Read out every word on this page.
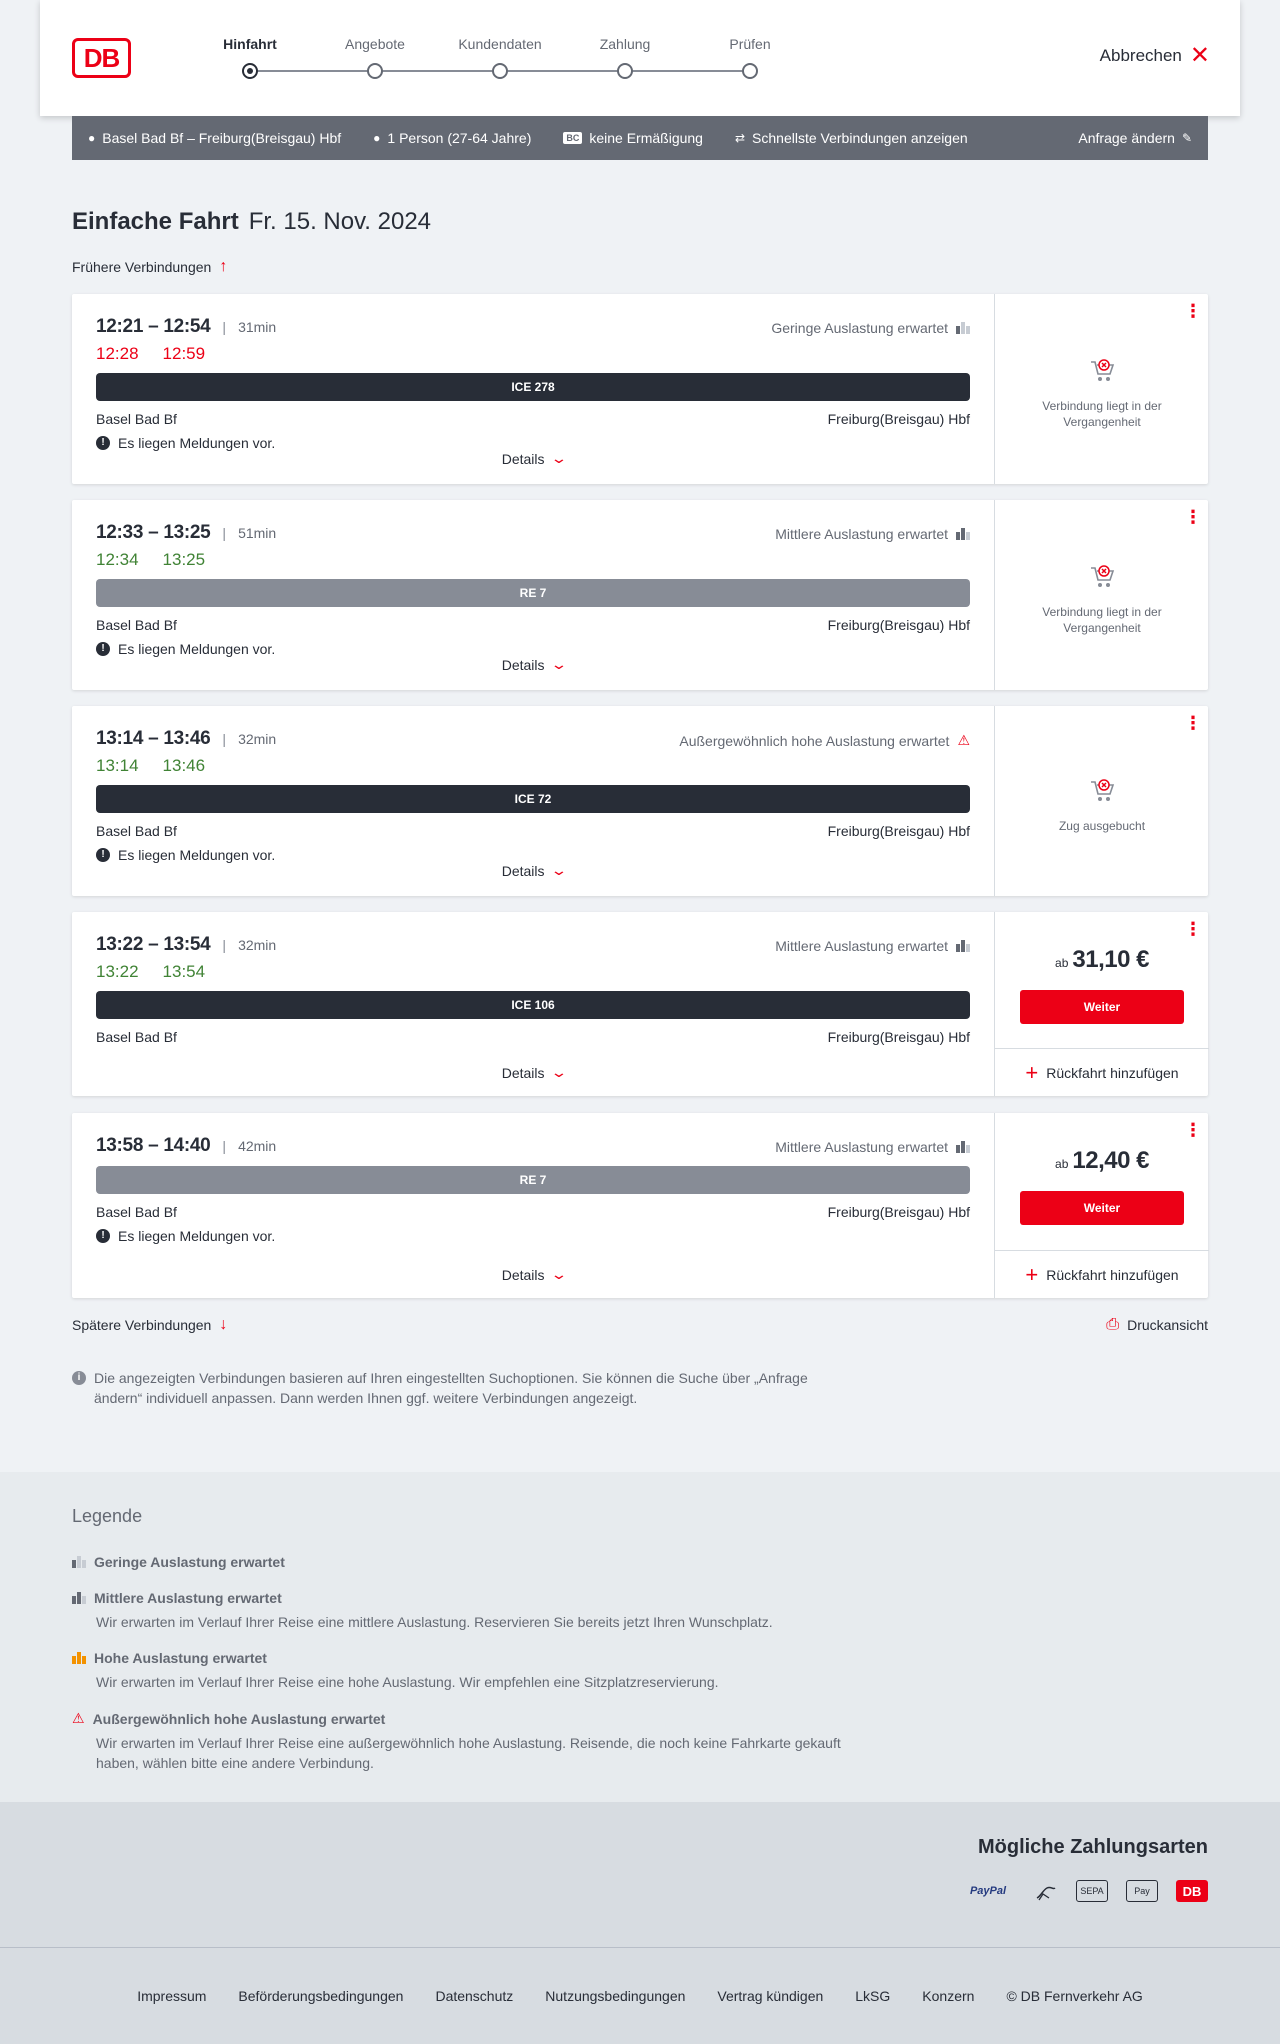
DB	Hinfahrt	Angebote	Kundendaten	Zahlung	Prüfen
Abbrechen ✕
● Basel Bad Bf – Freiburg(Breisgau) Hbf	● 1 Person (27-64 Jahre)	BC keine Ermäßigung	⇄ Schnellste Verbindungen anzeigen	Anfrage ändern ✎
Einfache Fahrt Fr. 15. Nov. 2024
Frühere Verbindungen ↑
12:21 – 12:54 | 31min	Geringe Auslastung erwartet
12:28 12:59
ICE 278
Basel Bad Bf	Freiburg(Breisgau) Hbf
! Es liegen Meldungen vor.
Details ⌄
⋮
Verbindung liegt in der Vergangenheit
12:33 – 13:25 | 51min	Mittlere Auslastung erwartet
12:34 13:25
RE 7
Basel Bad Bf	Freiburg(Breisgau) Hbf
! Es liegen Meldungen vor.
Details ⌄
⋮
Verbindung liegt in der Vergangenheit
13:14 – 13:46 | 32min	Außergewöhnlich hohe Auslastung erwartet ⚠
13:14 13:46
ICE 72
Basel Bad Bf	Freiburg(Breisgau) Hbf
! Es liegen Meldungen vor.
Details ⌄
⋮
Zug ausgebucht
13:22 – 13:54 | 32min	Mittlere Auslastung erwartet
13:22 13:54
ICE 106
Basel Bad Bf	Freiburg(Breisgau) Hbf
Details ⌄
⋮
ab 31,10 €
Weiter
+ Rückfahrt hinzufügen
13:58 – 14:40 | 42min	Mittlere Auslastung erwartet
RE 7
Basel Bad Bf	Freiburg(Breisgau) Hbf
! Es liegen Meldungen vor.
Details ⌄
⋮
ab 12,40 €
Weiter
+ Rückfahrt hinzufügen
Spätere Verbindungen ↓	⎙ Druckansicht
i Die angezeigten Verbindungen basieren auf Ihren eingestellten Suchoptionen. Sie können die Suche über „Anfrage ändern“ individuell anpassen. Dann werden Ihnen ggf. weitere Verbindungen angezeigt.
Legende
Geringe Auslastung erwartet
Mittlere Auslastung erwartet
Wir erwarten im Verlauf Ihrer Reise eine mittlere Auslastung. Reservieren Sie bereits jetzt Ihren Wunschplatz.
Hohe Auslastung erwartet
Wir erwarten im Verlauf Ihrer Reise eine hohe Auslastung. Wir empfehlen eine Sitzplatzreservierung.
⚠ Außergewöhnlich hohe Auslastung erwartet
Wir erwarten im Verlauf Ihrer Reise eine außergewöhnlich hohe Auslastung. Reisende, die noch keine Fahrkarte gekauft haben, wählen bitte eine andere Verbindung.
Mögliche Zahlungsarten
PayPal	SEPA	Pay	DB
Impressum Beförderungsbedingungen Datenschutz Nutzungsbedingungen Vertrag kündigen LkSG Konzern © DB Fernverkehr AG
